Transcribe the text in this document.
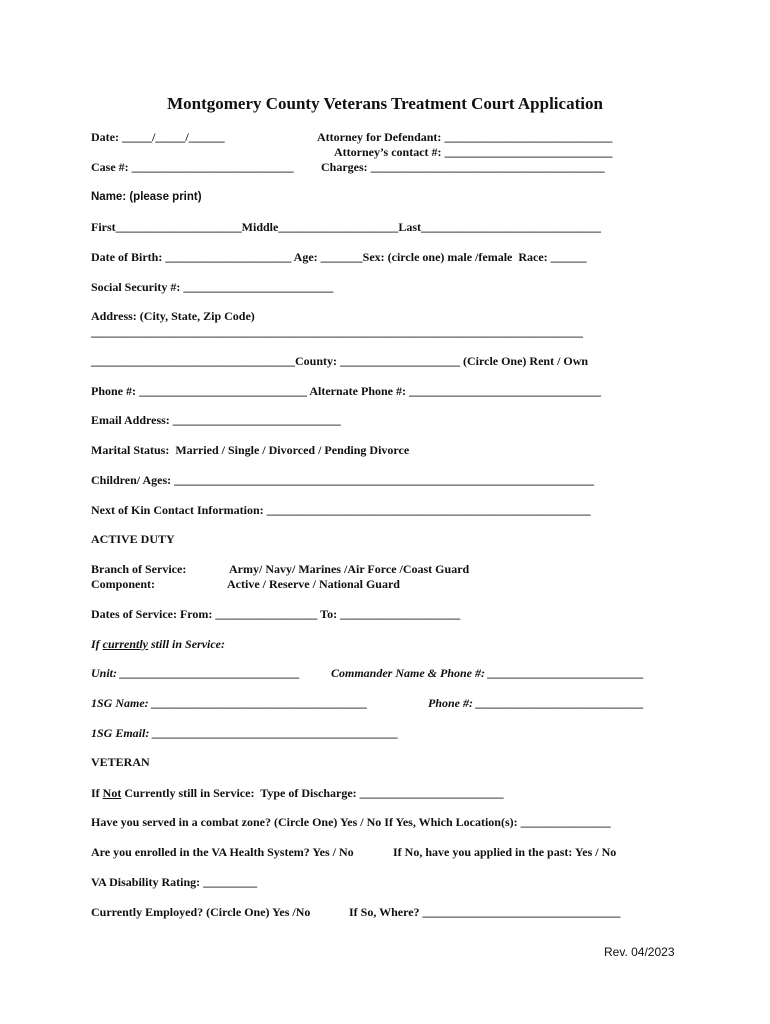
Montgomery County Veterans Treatment Court Application
Date: _____/_____/______	Attorney for Defendant: ____________________________
Attorney’s contact #: ____________________________
Case #: ___________________________ Charges: _______________________________________
Name: (please print)
First_____________________Middle____________________Last______________________________
Date of Birth: _____________________ Age: _______Sex: (circle one) male /female  Race: ______
Social Security #: _________________________
Address: (City, State, Zip Code)
__________________________________________________________________________________
__________________________________County: ____________________ (Circle One) Rent / Own
Phone #: ____________________________ Alternate Phone #: ________________________________
Email Address: ____________________________
Marital Status:  Married / Single / Divorced / Pending Divorce
Children/ Ages: ______________________________________________________________________
Next of Kin Contact Information: ______________________________________________________
ACTIVE DUTY
Branch of Service:	Army/ Navy/ Marines /Air Force /Coast Guard
Component:	Active / Reserve / National Guard
Dates of Service: From: _________________ To: ____________________
If currently still in Service:
Unit: ______________________________	Commander Name & Phone #: __________________________
1SG Name: ____________________________________	Phone #: ____________________________
1SG Email: _________________________________________
VETERAN
If Not Currently still in Service:  Type of Discharge: ________________________
Have you served in a combat zone? (Circle One) Yes / No If Yes, Which Location(s): _______________
Are you enrolled in the VA Health System? Yes / No	If No, have you applied in the past: Yes / No
VA Disability Rating: _________
Currently Employed? (Circle One) Yes /No	If So, Where? _________________________________
Rev. 04/2023
